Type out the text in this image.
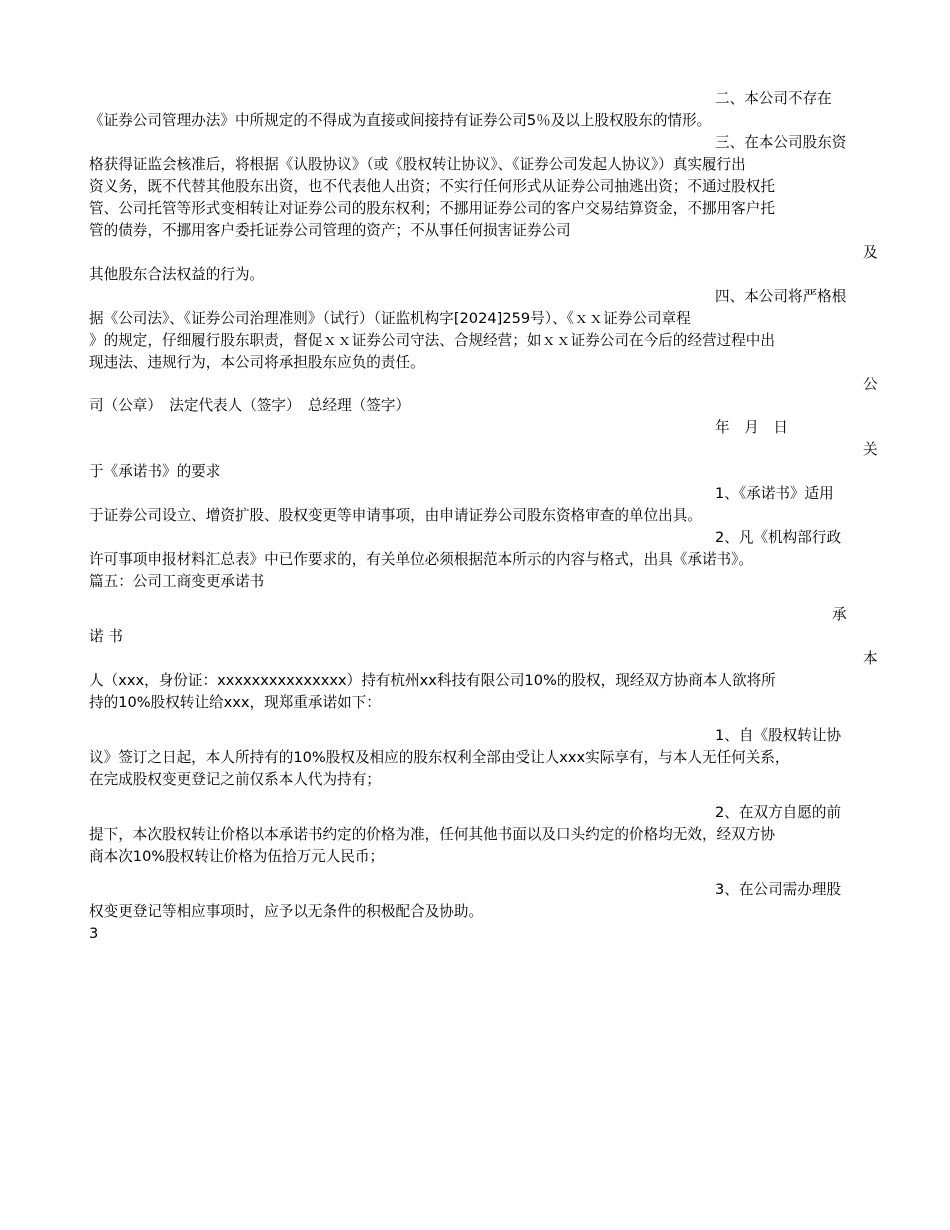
二、本公司不存在
《证券公司管理办法》中所规定的不得成为直接或间接持有证券公司5％及以上股权股东的情形。
三、在本公司股东资
格获得证监会核准后，将根据《认股协议》（或《股权转让协议》、《证券公司发起人协议》）真实履行出
资义务，既不代替其他股东出资，也不代表他人出资；不实行任何形式从证券公司抽逃出资；不通过股权托
管、公司托管等形式变相转让对证券公司的股东权利；不挪用证券公司的客户交易结算资金，不挪用客户托
管的债券，不挪用客户委托证券公司管理的资产；不从事任何损害证券公司
及
其他股东合法权益的行为。
四、本公司将严格根
据《公司法》、《证券公司治理准则》（试行）（证监机构字[2024]259号）、《ｘｘ证券公司章程
》的规定，仔细履行股东职责，督促ｘｘ证券公司守法、合规经营；如ｘｘ证券公司在今后的经营过程中出
现违法、违规行为，本公司将承担股东应负的责任。
公
司（公章）　法定代表人（签字）　总经理（签字）
年　月　日
关
于《承诺书》的要求
1、《承诺书》适用
于证券公司设立、增资扩股、股权变更等申请事项，由申请证券公司股东资格审查的单位出具。
2、凡《机构部行政
许可事项申报材料汇总表》中已作要求的，有关单位必须根据范本所示的内容与格式，出具《承诺书》。
篇五：公司工商变更承诺书
承
诺 书
本
人（xxx，身份证：xxxxxxxxxxxxxxx）持有杭州xx科技有限公司10%的股权，现经双方协商本人欲将所
持的10%股权转让给xxx，现郑重承诺如下：
1、自《股权转让协
议》签订之日起，本人所持有的10%股权及相应的股东权利全部由受让人xxx实际享有，与本人无任何关系，
在完成股权变更登记之前仅系本人代为持有；
2、在双方自愿的前
提下，本次股权转让价格以本承诺书约定的价格为准，任何其他书面以及口头约定的价格均无效，经双方协
商本次10%股权转让价格为伍拾万元人民币；
3、在公司需办理股
权变更登记等相应事项时，应予以无条件的积极配合及协助。
3
